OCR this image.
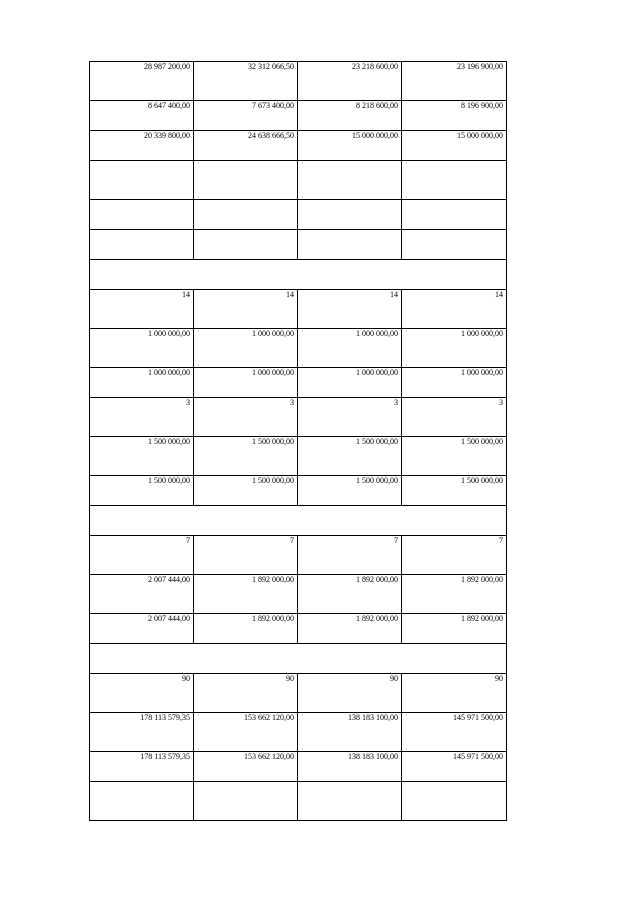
28 987 200,00	32 312 066,50	23 218 600,00	23 196 900,00
8 647 400,00	7 673 400,00	8 218 600,00	8 196 900,00
20 339 800,00	24 638 666,50	15 000 000,00	15 000 000,00

14	14	14	14
1 000 000,00	1 000 000,00	1 000 000,00	1 000 000,00
1 000 000,00	1 000 000,00	1 000 000,00	1 000 000,00
3	3	3	3
1 500 000,00	1 500 000,00	1 500 000,00	1 500 000,00
1 500 000,00	1 500 000,00	1 500 000,00	1 500 000,00

7	7	7	7
2 007 444,00	1 892 000,00	1 892 000,00	1 892 000,00
2 007 444,00	1 892 000,00	1 892 000,00	1 892 000,00

90	90	90	90
178 113 579,35	153 662 120,00	138 183 100,00	145 971 500,00
178 113 579,35	153 662 120,00	138 183 100,00	145 971 500,00
